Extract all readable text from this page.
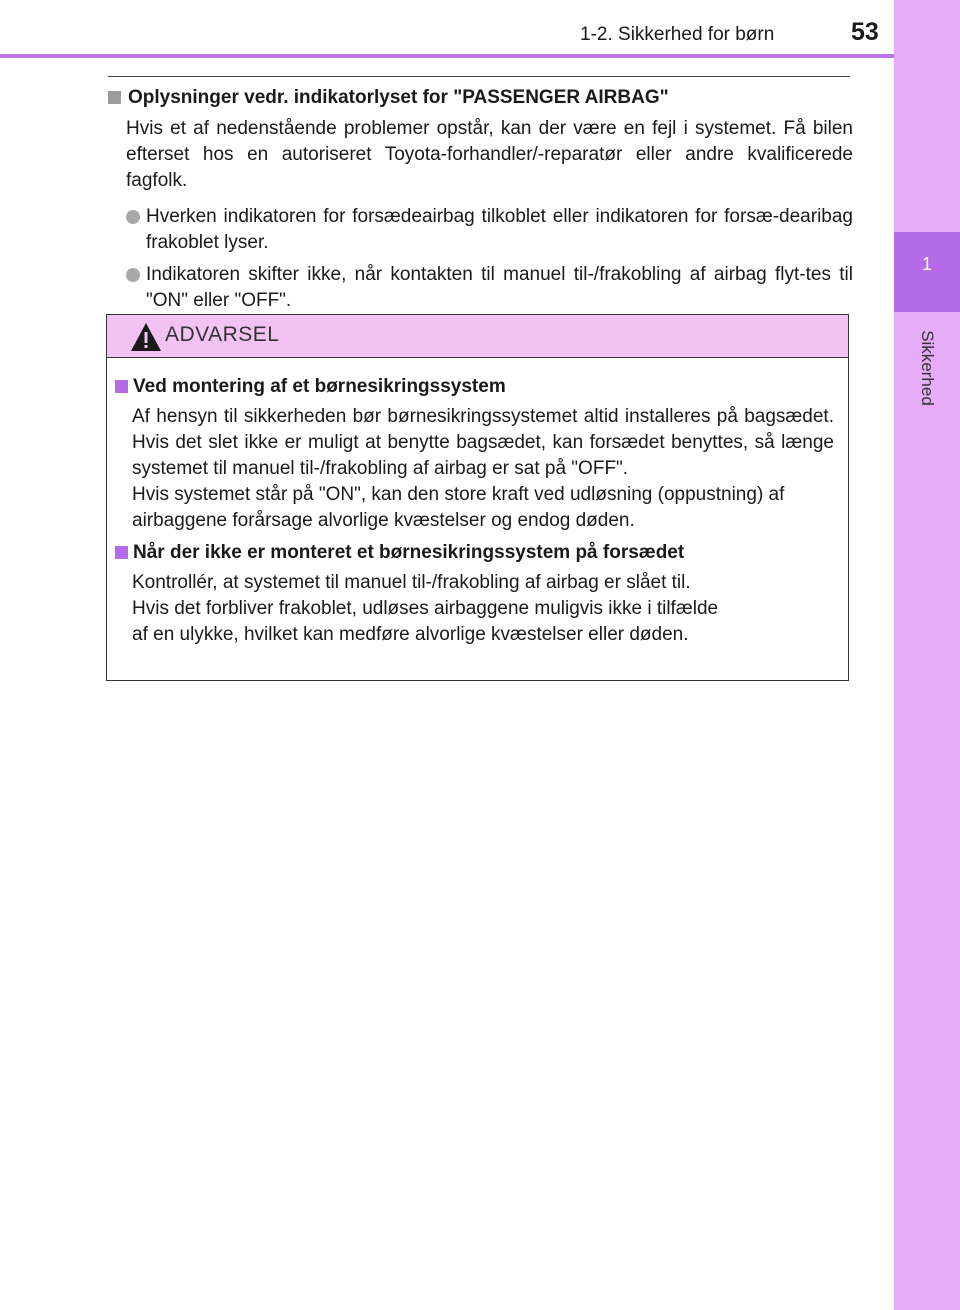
1
Sikkerhed
1-2. Sikkerhed for børn	53
Oplysninger vedr. indikatorlyset for "PASSENGER AIRBAG"
Hvis et af nedenstående problemer opstår, kan der være en fejl i systemet. Få bilen efterset hos en autoriseret Toyota-forhandler/-reparatør eller andre kvalificerede fagfolk.
Hverken indikatoren for forsædeairbag tilkoblet eller indikatoren for forsæ-dearibag frakoblet lyser.
Indikatoren skifter ikke, når kontakten til manuel til-/frakobling af airbag flyt-tes til "ON" eller "OFF".
ADVARSEL
Ved montering af et børnesikringssystem
Af hensyn til sikkerheden bør børnesikringssystemet altid installeres på bagsædet. Hvis det slet ikke er muligt at benytte bagsædet, kan forsædet benyttes, så længe systemet til manuel til-/frakobling af airbag er sat på "OFF".
Hvis systemet står på "ON", kan den store kraft ved udløsning (oppustning) af airbaggene forårsage alvorlige kvæstelser og endog døden.
Når der ikke er monteret et børnesikringssystem på forsædet
Kontrollér, at systemet til manuel til-/frakobling af airbag er slået til.
Hvis det forbliver frakoblet, udløses airbaggene muligvis ikke i tilfælde
af en ulykke, hvilket kan medføre alvorlige kvæstelser eller døden.
